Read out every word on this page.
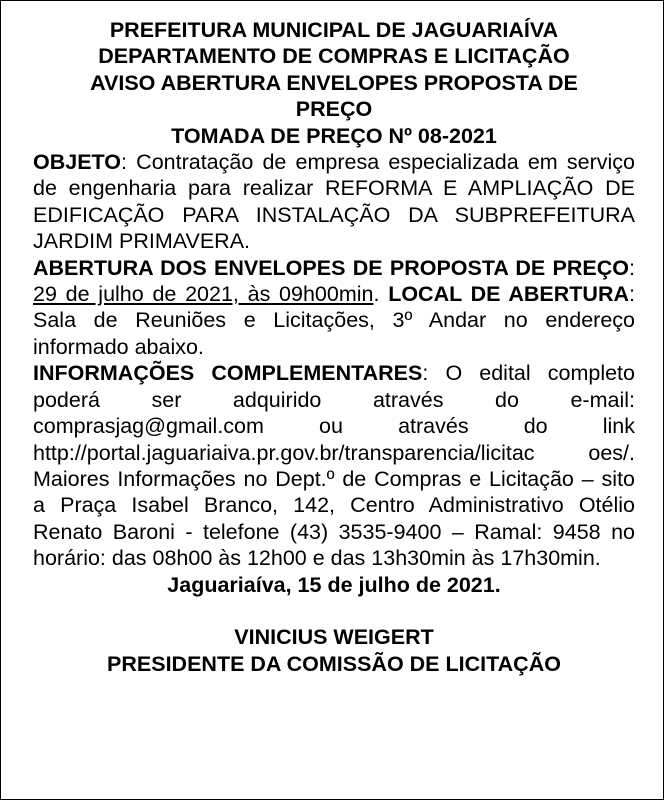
PREFEITURA MUNICIPAL DE JAGUARIAÍVA

DEPARTAMENTO DE COMPRAS E LICITAÇÃO

AVISO ABERTURA ENVELOPES PROPOSTA DE

PREÇO

TOMADA DE PREÇO Nº 08-2021

OBJETO: Contratação de empresa especializada em serviço de engenharia para realizar REFORMA E AMPLIAÇÃO DE EDIFICAÇÃO PARA INSTALAÇÃO DA SUBPREFEITURA JARDIM PRIMAVERA.

ABERTURA DOS ENVELOPES DE PROPOSTA DE PREÇO: 29 de julho de 2021, às 09h00min. LOCAL DE ABERTURA: Sala de Reuniões e Licitações, 3º Andar no endereço informado abaixo.

INFORMAÇÕES COMPLEMENTARES: O edital completo poderá ser adquirido através do e-mail: comprasjag@gmail.com ou através do link http://portal.jaguariaiva.pr.gov.br/transparencia/licitac	oes/. Maiores Informações no Dept.º de Compras e Licitação – sito a Praça Isabel Branco, 142, Centro Administrativo Otélio Renato Baroni - telefone (43) 3535-9400 – Ramal: 9458 no horário: das 08h00 às 12h00 e das 13h30min às 17h30min.

Jaguariaíva, 15 de julho de 2021.

VINICIUS WEIGERT

PRESIDENTE DA COMISSÃO DE LICITAÇÃO
